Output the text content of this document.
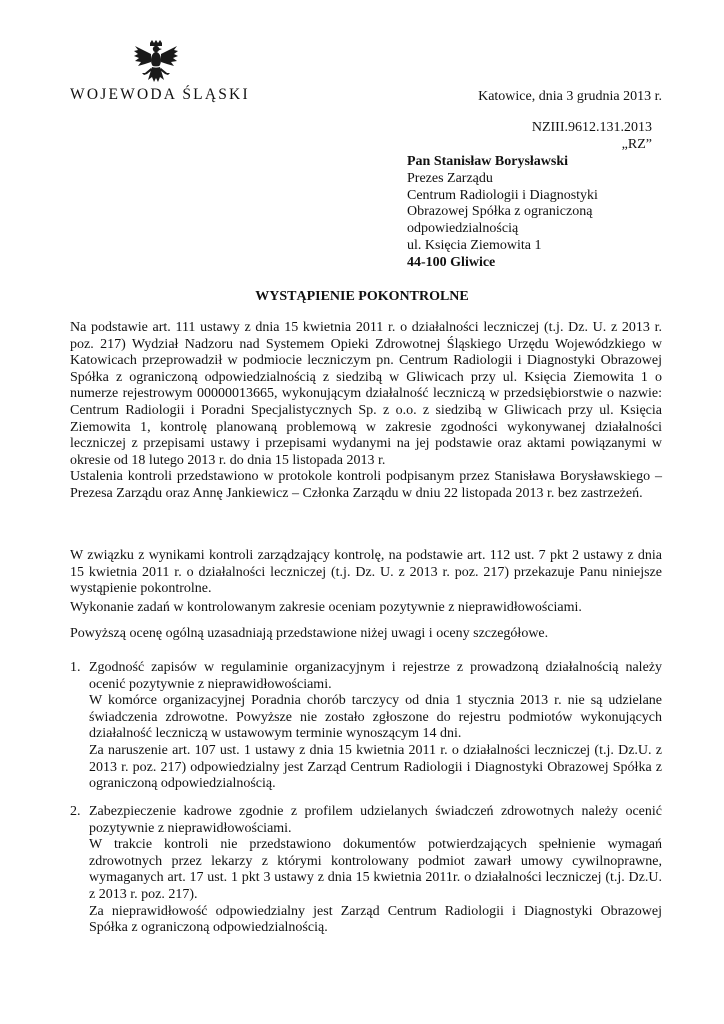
WOJEWODA ŚLĄSKI	Katowice, dnia 3 grudnia 2013 r.
NZIII.9612.131.2013
„RZ”
Pan Stanisław Borysławski
Prezes Zarządu
Centrum Radiologii i Diagnostyki
Obrazowej Spółka z ograniczoną
odpowiedzialnością
ul. Księcia Ziemowita 1
44-100 Gliwice
WYSTĄPIENIE POKONTROLNE

Na podstawie art. 111 ustawy z dnia 15 kwietnia 2011 r. o działalności leczniczej (t.j. Dz. U. z 2013 r. poz. 217) Wydział Nadzoru nad Systemem Opieki Zdrowotnej Śląskiego Urzędu Wojewódzkiego w Katowicach przeprowadził w podmiocie leczniczym pn. Centrum Radiologii i Diagnostyki Obrazowej Spółka z ograniczoną odpowiedzialnością z siedzibą w Gliwicach przy ul. Księcia Ziemowita 1 o numerze rejestrowym 00000013665, wykonującym działalność leczniczą w przedsiębiorstwie o nazwie: Centrum Radiologii i Poradni Specjalistycznych Sp. z o.o. z siedzibą w Gliwicach przy ul. Księcia Ziemowita 1, kontrolę planowaną problemową w zakresie zgodności wykonywanej działalności leczniczej z przepisami ustawy i przepisami wydanymi na jej podstawie oraz aktami powiązanymi w okresie od 18 lutego 2013 r. do dnia 15 listopada 2013 r.

Ustalenia kontroli przedstawiono w protokole kontroli podpisanym przez Stanisława Borysławskiego – Prezesa Zarządu oraz Annę Jankiewicz – Członka Zarządu w dniu 22 listopada 2013 r. bez zastrzeżeń.

W związku z wynikami kontroli zarządzający kontrolę, na podstawie art. 112 ust. 7 pkt 2 ustawy z dnia 15 kwietnia 2011 r. o działalności leczniczej (t.j. Dz. U. z 2013 r. poz. 217) przekazuje Panu niniejsze wystąpienie pokontrolne.

Wykonanie zadań w kontrolowanym zakresie oceniam pozytywnie z nieprawidłowościami.

Powyższą ocenę ogólną uzasadniają przedstawione niżej uwagi i oceny szczegółowe.

1. Zgodność zapisów w regulaminie organizacyjnym i rejestrze z prowadzoną działalnością należy ocenić pozytywnie z nieprawidłowościami.

W komórce organizacyjnej Poradnia chorób tarczycy od dnia 1 stycznia 2013 r. nie są udzielane świadczenia zdrowotne. Powyższe nie zostało zgłoszone do rejestru podmiotów wykonujących działalność leczniczą w ustawowym terminie wynoszącym 14 dni.

Za naruszenie art. 107 ust. 1 ustawy z dnia 15 kwietnia 2011 r. o działalności leczniczej (t.j. Dz.U. z 2013 r. poz. 217) odpowiedzialny jest Zarząd Centrum Radiologii i Diagnostyki Obrazowej Spółka z ograniczoną odpowiedzialnością.

2. Zabezpieczenie kadrowe zgodnie z profilem udzielanych świadczeń zdrowotnych należy ocenić pozytywnie z nieprawidłowościami.

W trakcie kontroli nie przedstawiono dokumentów potwierdzających spełnienie wymagań zdrowotnych przez lekarzy z którymi kontrolowany podmiot zawarł umowy cywilnoprawne, wymaganych art. 17 ust. 1 pkt 3 ustawy z dnia 15 kwietnia 2011r. o działalności leczniczej (t.j. Dz.U. z 2013 r. poz. 217).

Za nieprawidłowość odpowiedzialny jest Zarząd Centrum Radiologii i Diagnostyki Obrazowej Spółka z ograniczoną odpowiedzialnością.
